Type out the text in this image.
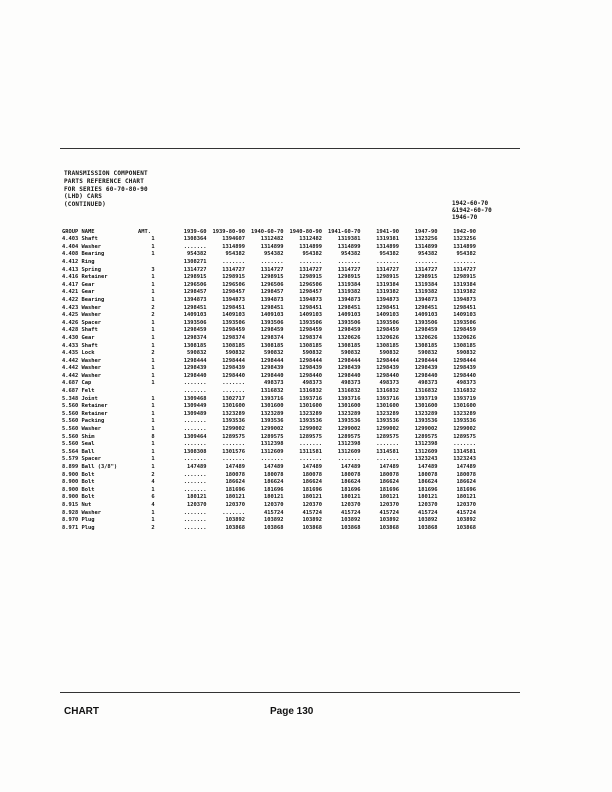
TRANSMISSION COMPONENT
PARTS REFERENCE CHART
FOR SERIES 60-70-80-90
(LHD) CARS
(CONTINUED)	1942-60-70
&1942-60-70
1946-70
GROUP NAME	AMT.	1939-60	1939-80-90	1940-60-70	1940-80-90	1941-60-70	1941-90	1947-90	1942-90
4.403 Shaft	1	1308364	1394607	1312482	1312482	1319381	1319381	1323256	1323256
4.404 Washer	1	.......	1314899	1314899	1314899	1314899	1314899	1314899	1314899
4.408 Bearing	1	954382	954382	954382	954382	954382	954382	954382	954382
4.412 Ring		1308271	.......	.......	.......	.......	.......	.......	.......
4.413 Spring	3	1314727	1314727	1314727	1314727	1314727	1314727	1314727	1314727
4.416 Retainer	1	1298915	1298915	1298915	1298915	1298915	1298915	1298915	1298915
4.417 Gear	1	1296506	1296506	1296506	1296506	1319384	1319384	1319384	1319384
4.421 Gear	1	1298457	1298457	1298457	1298457	1319382	1319382	1319382	1319382
4.422 Bearing	1	1394873	1394873	1394873	1394873	1394873	1394873	1394873	1394873
4.423 Washer	2	1298451	1298451	1298451	1298451	1298451	1298451	1298451	1298451
4.425 Washer	2	1409103	1409103	1409103	1409103	1409103	1409103	1409103	1409103
4.426 Spacer	1	1393506	1393506	1393506	1393506	1393506	1393506	1393506	1393506
4.428 Shaft	1	1298459	1298459	1298459	1298459	1298459	1298459	1298459	1298459
4.430 Gear	1	1298374	1298374	1298374	1298374	1320626	1320626	1320626	1320626
4.433 Shaft	1	1308185	1308185	1308185	1308185	1308185	1308185	1308185	1308185
4.435 Lock	2	590832	590832	590832	590832	590832	590832	590832	590832
4.442 Washer	1	1298444	1298444	1298444	1298444	1298444	1298444	1298444	1298444
4.442 Washer	1	1298439	1298439	1298439	1298439	1298439	1298439	1298439	1298439
4.442 Washer	1	1298440	1298440	1298440	1298440	1298440	1298440	1298440	1298440
4.687 Cap	1	.......	.......	498373	498373	498373	498373	498373	498373
4.687 Felt		.......	.......	1316832	1316832	1316832	1316832	1316832	1316832
5.348 Joint	1	1309468	1302717	1393716	1393716	1393716	1393716	1393719	1393719
5.560 Retainer	1	1309449	1301600	1301600	1301600	1301600	1301600	1301600	1301600
5.560 Retainer	1	1309489	1323289	1323289	1323289	1323289	1323289	1323289	1323289
5.560 Packing	1	.......	1393536	1393536	1393536	1393536	1393536	1393536	1393536
5.560 Washer	1	.......	1299002	1299002	1299002	1299002	1299002	1299002	1299002
5.560 Shim	8	1309464	1289575	1289575	1289575	1289575	1289575	1289575	1289575
5.560 Seal	1	.......	.......	1312398	.......	1312398	.......	1312398	.......
5.564 Ball	1	1308308	1301576	1312609	1311581	1312609	1314581	1312609	1314581
5.579 Spacer	1	.......	.......	.......	.......	.......	.......	1323243	1323243
8.899 Ball (3/8")	1	147489	147489	147489	147489	147489	147489	147489	147489
8.900 Bolt	2	.......	180078	180078	180078	180078	180078	180078	180078
8.900 Bolt	4	.......	186624	186624	186624	186624	186624	186624	186624
8.900 Bolt	1	.......	181696	181696	181696	181696	181696	181696	181696
8.900 Bolt	6	180121	180121	180121	180121	180121	180121	180121	180121
8.915 Nut	4	120370	120370	120370	120370	120370	120370	120370	120370
8.928 Washer	1	.......	.......	415724	415724	415724	415724	415724	415724
8.970 Plug	1	.......	103892	103892	103892	103892	103892	103892	103892
8.971 Plug	2	.......	103868	103868	103868	103868	103868	103868	103868
CHART	Page 130
